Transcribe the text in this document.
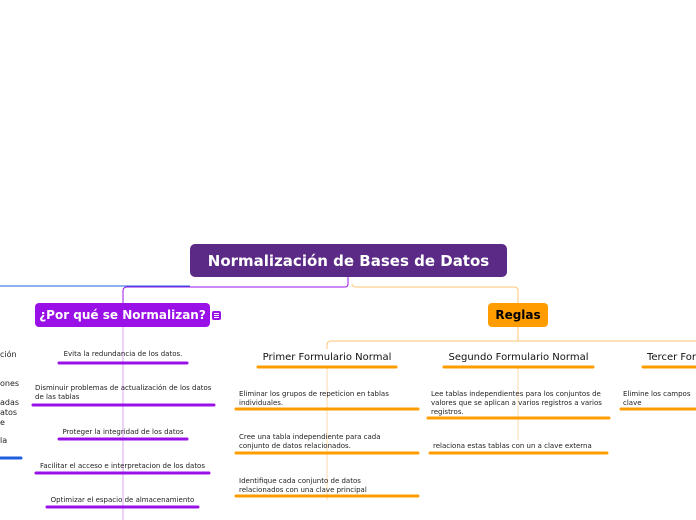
Normalización de Bases de Datos
¿Por qué se Normalizan?
Evita la redundancia de los datos.
Disminuir problemas de actualización de los datos de las tablas
Proteger la integridad de los datos
Facilitar el acceso e interpretacion de los datos
Optimizar el espacio de almacenamiento
Reglas
Primer Formulario Normal	Segundo Formulario Normal	Tercer For
Eliminar los grupos de repeticion en tablas individuales.
Cree una tabla independiente para cada conjunto de datos relacionados.
Identifique cada conjunto de datos relacionados con una clave principal
Lee tablas independientes para los conjuntos de valores que se aplican a varios registros a varios registros.
relaciona estas tablas con un a clave externa
Elimine los campos clave
ción
ones
adas
atos
e
la
